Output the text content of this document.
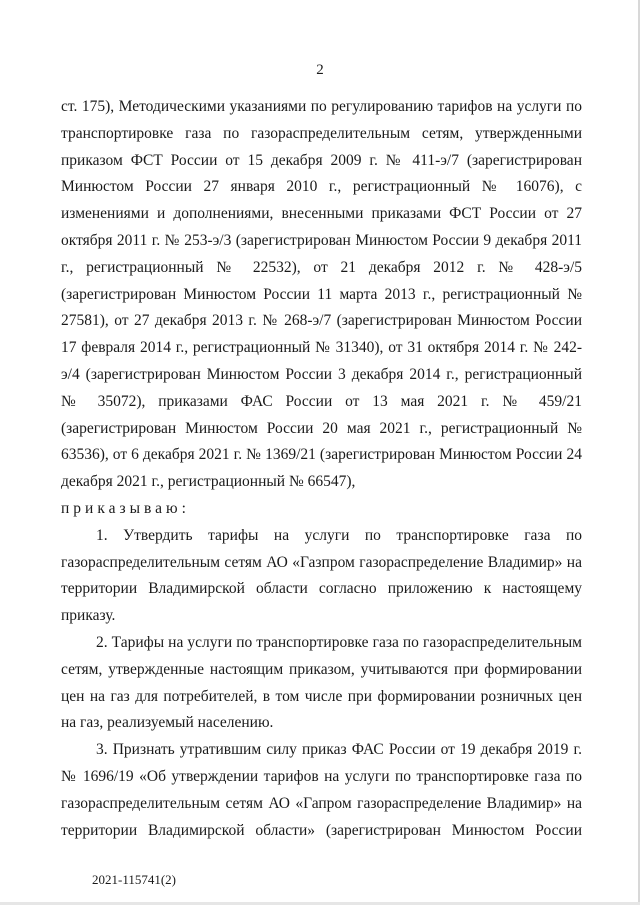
2

ст. 175), Методическими указаниями по регулированию тарифов на услуги по транспортировке газа по газораспределительным сетям, утвержденными приказом ФСТ России от 15 декабря 2009 г. № 411-э/7 (зарегистрирован Минюстом России 27 января 2010 г., регистрационный № 16076), с изменениями и дополнениями, внесенными приказами ФСТ России от 27 октября 2011 г. № 253-э/3 (зарегистрирован Минюстом России 9 декабря 2011 г., регистрационный № 22532), от 21 декабря 2012 г. № 428-э/5 (зарегистрирован Минюстом России 11 марта 2013 г., регистрационный № 27581), от 27 декабря 2013 г. № 268-э/7 (зарегистрирован Минюстом России 17 февраля 2014 г., регистрационный № 31340), от 31 октября 2014 г. № 242-э/4 (зарегистрирован Минюстом России 3 декабря 2014 г., регистрационный № 35072), приказами ФАС России от 13 мая 2021 г. № 459/21 (зарегистрирован Минюстом России 20 мая 2021 г., регистрационный № 63536), от 6 декабря 2021 г. № 1369/21 (зарегистрирован Минюстом России 24 декабря 2021 г., регистрационный № 66547),

приказываю:

1. Утвердить тарифы на услуги по транспортировке газа по газораспределительным сетям АО «Газпром газораспределение Владимир» на территории Владимирской области согласно приложению к настоящему приказу.

2. Тарифы на услуги по транспортировке газа по газораспределительным сетям, утвержденные настоящим приказом, учитываются при формировании цен на газ для потребителей, в том числе при формировании розничных цен на газ, реализуемый населению.

3. Признать утратившим силу приказ ФАС России от 19 декабря 2019 г. № 1696/19 «Об утверждении тарифов на услуги по транспортировке газа по газораспределительным сетям АО «Гапром газораспределение Владимир» на территории Владимирской области» (зарегистрирован Минюстом России

2021-115741(2)
